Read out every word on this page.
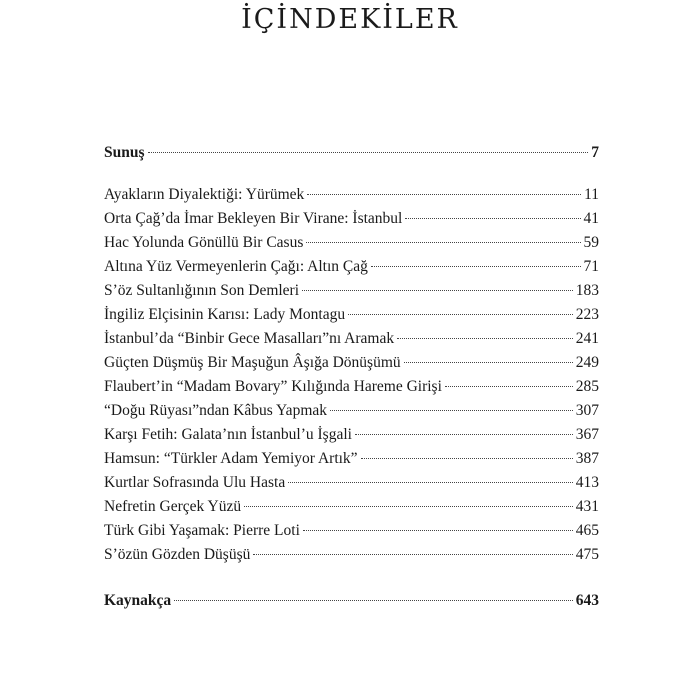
İÇİNDEKİLER
Sunuş	7
Ayakların Diyalektiği: Yürümek	11
Orta Çağ’da İmar Bekleyen Bir Virane: İstanbul	41
Hac Yolunda Gönüllü Bir Casus	59
Altına Yüz Vermeyenlerin Çağı: Altın Çağ	71
S’öz Sultanlığının Son Demleri	183
İngiliz Elçisinin Karısı: Lady Montagu	223
İstanbul’da “Binbir Gece Masalları”nı Aramak	241
Güçten Düşmüş Bir Maşuğun Âşığa Dönüşümü	249
Flaubert’in “Madam Bovary” Kılığında Hareme Girişi	285
“Doğu Rüyası”ndan Kâbus Yapmak	307
Karşı Fetih: Galata’nın İstanbul’u İşgali	367
Hamsun: “Türkler Adam Yemiyor Artık”	387
Kurtlar Sofrasında Ulu Hasta	413
Nefretin Gerçek Yüzü	431
Türk Gibi Yaşamak: Pierre Loti	465
S’özün Gözden Düşüşü	475
Kaynakça	643
